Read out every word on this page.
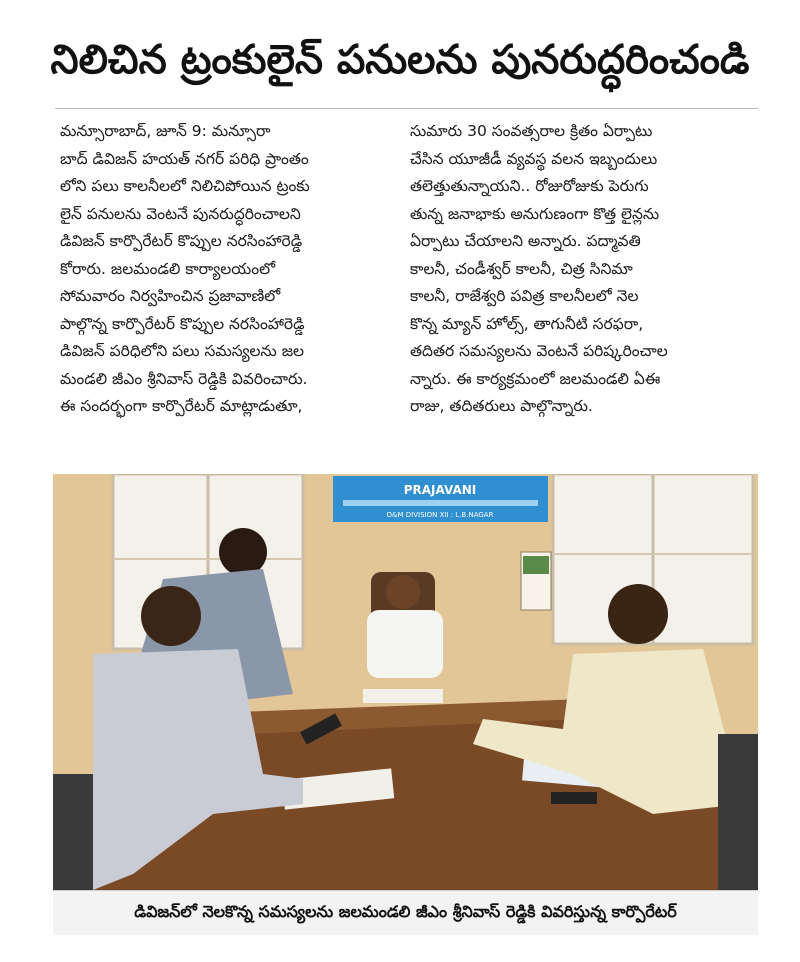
నిలిచిన ట్రంకులైన్ పనులను పునరుద్ధరించండి
మన్సూరాబాద్, జూన్ 9: మన్సూరా
బాద్ డివిజన్ హయత్ నగర్ పరిధి ప్రాంతం
లోని పలు కాలనీలలో నిలిచిపోయిన ట్రంకు
లైన్ పనులను వెంటనే పునరుద్ధరించాలని
డివిజన్ కార్పొరేటర్ కొప్పుల నరసింహారెడ్డి
కోరారు. జలమండలి కార్యాలయంలో
సోమవారం నిర్వహించిన ప్రజావాణిలో
పాల్గొన్న కార్పొరేటర్ కొప్పుల నరసింహారెడ్డి
డివిజన్ పరిధిలోని పలు సమస్యలను జల
మండలి జీఎం శ్రీనివాస్ రెడ్డికి వివరించారు.
ఈ సందర్భంగా కార్పొరేటర్ మాట్లాడుతూ,
సుమారు 30 సంవత్సరాల క్రితం ఏర్పాటు
చేసిన యూజీడీ వ్యవస్థ వలన ఇబ్బందులు
తలెత్తుతున్నాయని.. రోజురోజుకు పెరుగు
తున్న జనాభాకు అనుగుణంగా కొత్త లైన్లను
ఏర్పాటు చేయాలని అన్నారు. పద్మావతి
కాలనీ, చండీశ్వర్ కాలనీ, చిత్ర సినిమా
కాలనీ, రాజేశ్వరి పవిత్ర కాలనీలలో నెల
కొన్న మ్యాన్ హోల్స్, తాగునీటి సరఫరా,
తదితర సమస్యలను వెంటనే పరిష్కరించాల
న్నారు. ఈ కార్యక్రమంలో జలమండలి ఏఈ
రాజు, తదితరులు పాల్గొన్నారు.
PRAJAVANI
O&M DIVISION XII : L.B.NAGAR
డివిజన్‌లో నెలకొన్న సమస్యలను జలమండలి జీఎం శ్రీనివాస్ రెడ్డికి వివరిస్తున్న కార్పొరేటర్
